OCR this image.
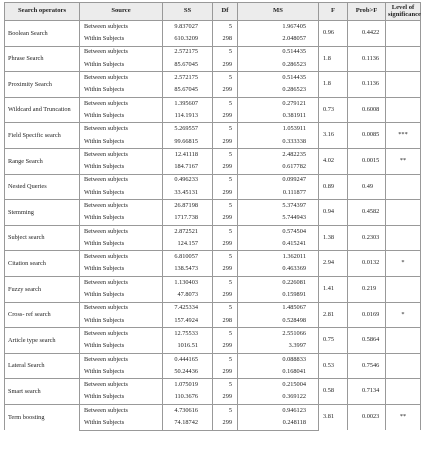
Search operators	Source	SS	Df	MS	F	Prob>F	Level of significance
Boolean Search	Between subjects	9.837027	5	1.967405	0.96	0.4422	
	Within Subjects	610.3209	298	2.048057			
Phrase Search	Between subjects	2.572175	5	0.514435	1.8	0.1136	
	Within Subjects	85.67045	299	0.286523			
Proximity Search	Between subjects	2.572175	5	0.514435	1.8	0.1136	
	Within Subjects	85.67045	299	0.286523			
Wildcard and Truncation	Between subjects	1.395607	5	0.279121	0.73	0.6008	
	Within Subjects	114.1913	299	0.381911			
Field Specific search	Between subjects	5.269557	5	1.053911	3.16	0.0085	***
	Within Subjects	99.66815	299	0.333338			
Range Search	Between subjects	12.41118	5	2.482235	4.02	0.0015	**
	Within Subjects	184.7167	299	0.617782			
Nested Queries	Between subjects	0.496233	5	0.099247	0.89	0.49	
	Within Subjects	33.45131	299	0.111877			
Stemming	Between subjects	26.87198	5	5.374397	0.94	0.4582	
	Within Subjects	1717.738	299	5.744943			
Subject search	Between subjects	2.872521	5	0.574504	1.38	0.2303	
	Within Subjects	124.157	299	0.415241			
Citation search	Between subjects	6.810057	5	1.362011	2.94	0.0132	*
	Within Subjects	138.5473	299	0.463369			
Fuzzy search	Between subjects	1.130403	5	0.226081	1.41	0.219	
	Within Subjects	47.8073	299	0.159891			
Cross- ref search	Between subjects	7.425334	5	1.485067	2.81	0.0169	*
	Within Subjects	157.4924	298	0.528498			
Article type search	Between subjects	12.75533	5	2.551066	0.75	0.5864	
	Within Subjects	1016.51	299	3.3997			
Lateral Search	Between subjects	0.444165	5	0.088833	0.53	0.7546	
	Within Subjects	50.24436	299	0.168041			
Smart search	Between subjects	1.075019	5	0.215004	0.58	0.7134	
	Within Subjects	110.3676	299	0.369122			
Term boosting	Between subjects	4.730616	5	0.946123	3.81	0.0023	**
	Within Subjects	74.18742	299	0.248118			
